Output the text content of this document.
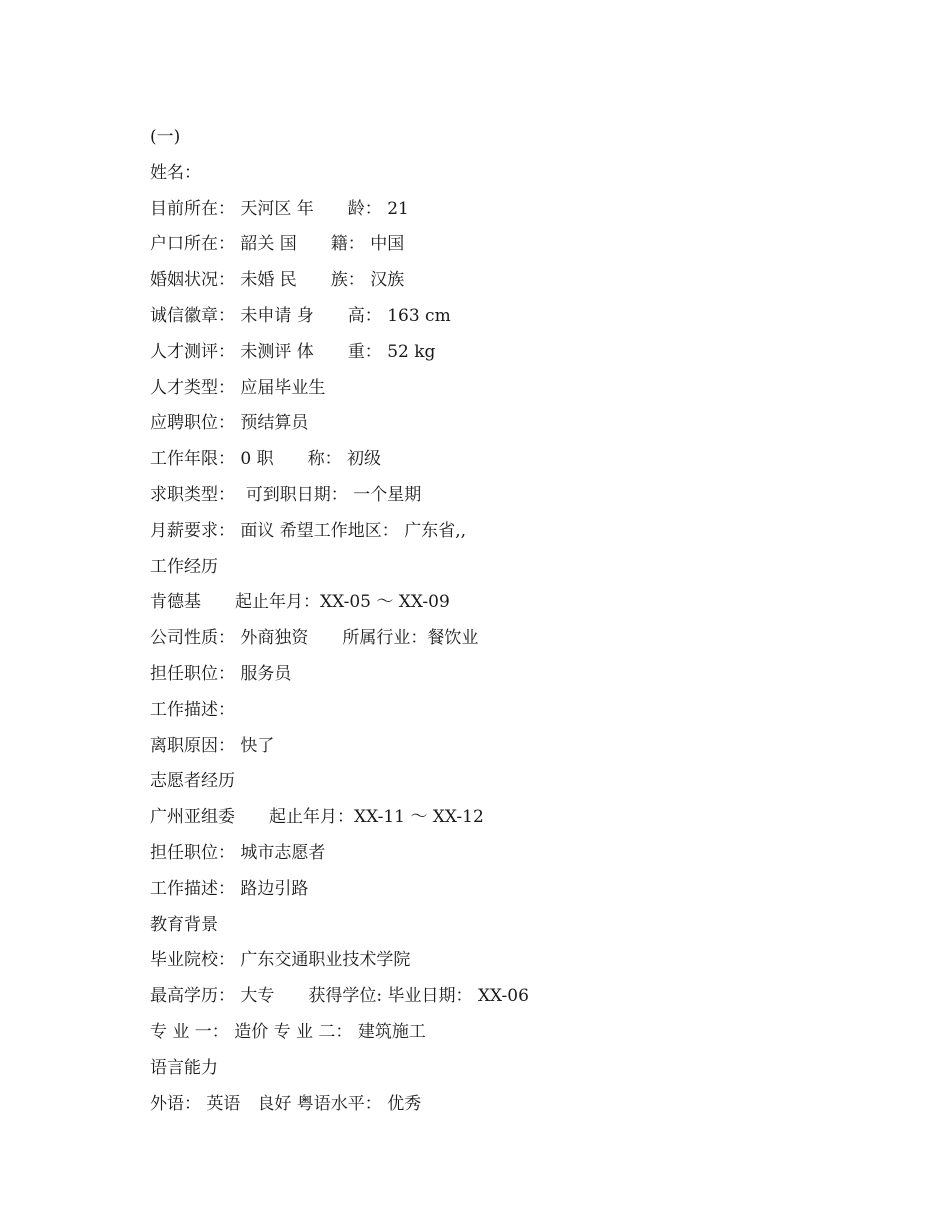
(一)
姓名：
目前所在： 天河区 年　　龄： 21
户口所在： 韶关 国　　籍： 中国
婚姻状况： 未婚 民　　族： 汉族
诚信徽章： 未申请 身　　高： 163 cm
人才测评： 未测评 体　　重： 52 kg
人才类型： 应届毕业生
应聘职位： 预结算员
工作年限： 0 职　　称： 初级
求职类型：  可到职日期： 一个星期
月薪要求： 面议 希望工作地区： 广东省,,
工作经历
肯德基　　起止年月：XX-05 ～ XX-09
公司性质： 外商独资　　所属行业：餐饮业
担任职位： 服务员
工作描述：
离职原因： 快了
志愿者经历
广州亚组委　　起止年月：XX-11 ～ XX-12
担任职位： 城市志愿者
工作描述： 路边引路
教育背景
毕业院校： 广东交通职业技术学院
最高学历： 大专　　获得学位: 毕业日期： XX-06
专 业 一： 造价 专 业 二： 建筑施工
语言能力
外语： 英语　良好 粤语水平： 优秀
